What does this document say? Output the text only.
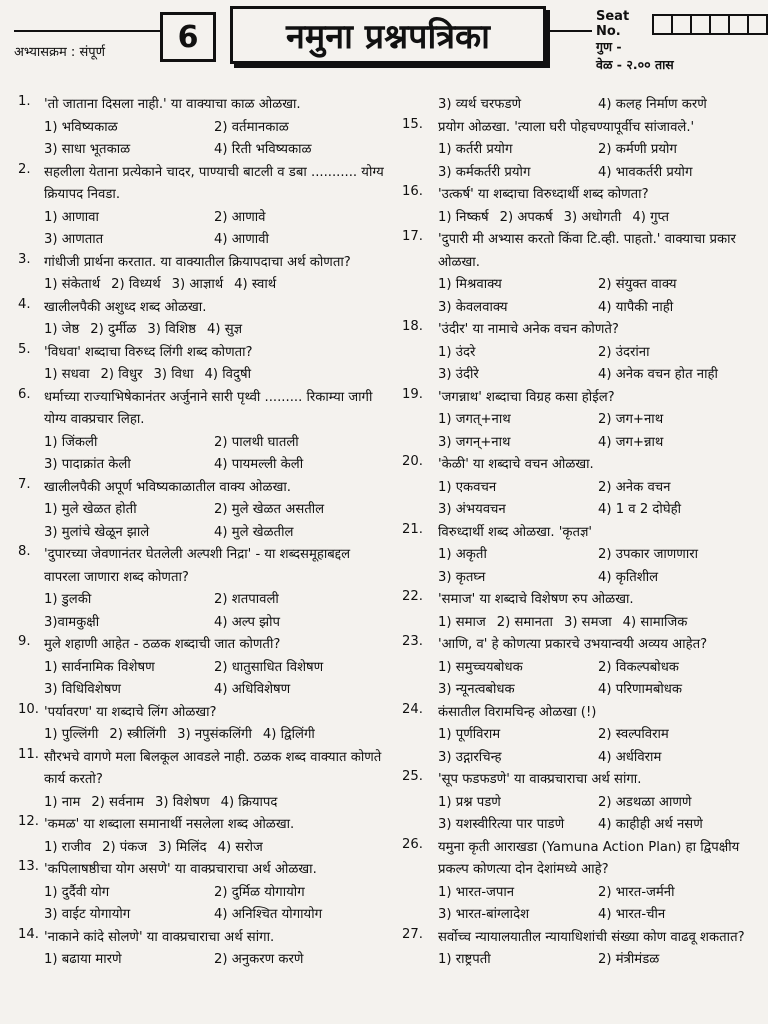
6	नमुना प्रश्नपत्रिका
अभ्यासक्रम : संपूर्ण
Seat No.
गुण -
वेळ - २.०० तास
1.	'तो जाताना दिसला नाही.' या वाक्याचा काळ ओळखा.
1) भविष्यकाळ	2) वर्तमानकाळ
3) साधा भूतकाळ	4) रिती भविष्यकाळ
2.	सहलीला येताना प्रत्येकाने चादर, पाण्याची बाटली व डबा ........... योग्य क्रियापद निवडा.
1) आणावा	2) आणावे
3) आणतात	4) आणावी
3.	गांधीजी प्रार्थना करतात. या वाक्यातील क्रियापदाचा अर्थ कोणता?
1) संकेतार्थ 2) विध्यर्थ 3) आज्ञार्थ 4) स्वार्थ
4.	खालीलपैकी अशुध्द शब्द ओळखा.
1) जेष्ठ 2) दुर्मीळ 3) विशिष्ठ 4) सुज्ञ
5.	'विधवा' शब्दाचा विरुध्द लिंगी शब्द कोणता?
1) सधवा 2) विधुर 3) विधा 4) विदुषी
6.	धर्माच्या राज्याभिषेकानंतर अर्जुनाने सारी पृथ्वी ......... रिकाम्या जागी योग्य वाक्प्रचार लिहा.
1) जिंकली	2) पालथी घातली
3) पादाक्रांत केली	4) पायमल्ली केली
7.	खालीलपैकी अपूर्ण भविष्यकाळातील वाक्य ओळखा.
1) मुले खेळत होती	2) मुले खेळत असतील
3) मुलांचे खेळून झाले	4) मुले खेळतील
8.	'दुपारच्या जेवणानंतर घेतलेली अल्पशी निद्रा' - या शब्दसमूहाबद्दल वापरला जाणारा शब्द कोणता?
1) डुलकी	2) शतपावली
3)वामकुक्षी	4) अल्प झोप
9.	मुले शहाणी आहेत - ठळक शब्दाची जात कोणती?
1) सार्वनामिक विशेषण	2) धातुसाधित विशेषण
3) विधिविशेषण	4) अधिविशेषण
10. 'पर्यावरण' या शब्दाचे लिंग ओळखा?
1) पुल्लिंगी 2) स्त्रीलिंगी 3) नपुसंकलिंगी 4) द्विलिंगी
11. सौरभचे वागणे मला बिलकूल आवडले नाही. ठळक शब्द वाक्यात कोणते कार्य करतो?
1) नाम 2) सर्वनाम 3) विशेषण 4) क्रियापद
12. 'कमळ' या शब्दाला समानार्थी नसलेला शब्द ओळखा.
1) राजीव 2) पंकज 3) मिलिंद 4) सरोज
13. 'कपिलाषष्ठीचा योग असणे' या वाक्प्रचाराचा अर्थ ओळखा.
1) दुर्दैवी योग	2) दुर्मिळ योगायोग
3) वाईट योगायोग	4) अनिश्चित योगायोग
14. 'नाकाने कांदे सोलणे' या वाक्प्रचाराचा अर्थ सांगा.
1) बढाया मारणे	2) अनुकरण करणे
3) व्यर्थ चरफडणे	4) कलह निर्माण करणे
15.	प्रयोग ओळखा. 'त्याला घरी पोहचण्यापूर्वीच सांजावले.'
1) कर्तरी प्रयोग	2) कर्मणी प्रयोग
3) कर्मकर्तरी प्रयोग	4) भावकर्तरी प्रयोग
16.	'उत्कर्ष' या शब्दाचा विरुध्दार्थी शब्द कोणता?
1) निष्कर्ष 2) अपकर्ष 3) अधोगती 4) गुप्त
17.	'दुपारी मी अभ्यास करतो किंवा टि.व्ही. पाहतो.' वाक्याचा प्रकार ओळखा.
1) मिश्रवाक्य	2) संयुक्त वाक्य
3) केवलवाक्य	4) यापैकी नाही
18.	'उंदीर' या नामाचे अनेक वचन कोणते?
1) उंदरे	2) उंदरांना
3) उंदीरे	4) अनेक वचन होत नाही
19.	'जगन्नाथ' शब्दाचा विग्रह कसा होईल?
1) जगत्+नाथ	2) जग+नाथ
3) जगन्+नाथ	4) जग+न्नाथ
20.	'केळी' या शब्दाचे वचन ओळखा.
1) एकवचन	2) अनेक वचन
3) अंभयवचन	4) 1 व 2 दोघेही
21.	विरुध्दार्थी शब्द ओळखा. 'कृतज्ञ'
1) अकृती	2) उपकार जाणणारा
3) कृतघ्न	4) कृतिशील
22.	'समाज' या शब्दाचे विशेषण रुप ओळखा.
1) समाज 2) समानता 3) समजा 4) सामाजिक
23.	'आणि, व' हे कोणत्या प्रकारचे उभयान्वयी अव्यय आहेत?
1) समुच्चयबोधक	2) विकल्पबोधक
3) न्यूनत्वबोधक	4) परिणामबोधक
24.	कंसातील विरामचिन्ह ओळखा (!)
1) पूर्णविराम	2) स्वल्पविराम
3) उद्गारचिन्ह	4) अर्धविराम
25.	'सूप फडफडणे' या वाक्प्रचाराचा अर्थ सांगा.
1) प्रश्न पडणे	2) अडथळा आणणे
3) यशस्वीरित्या पार पाडणे	4) काहीही अर्थ नसणे
26.	यमुना कृती आराखडा (Yamuna Action Plan) हा द्विपक्षीय प्रकल्प कोणत्या दोन देशांमध्ये आहे?
1) भारत-जपान	2) भारत-जर्मनी
3) भारत-बांग्लादेश	4) भारत-चीन
27.	सर्वोच्च न्यायालयातील न्यायाधिशांची संख्या कोण वाढवू शकतात?
1) राष्ट्रपती	2) मंत्रीमंडळ
